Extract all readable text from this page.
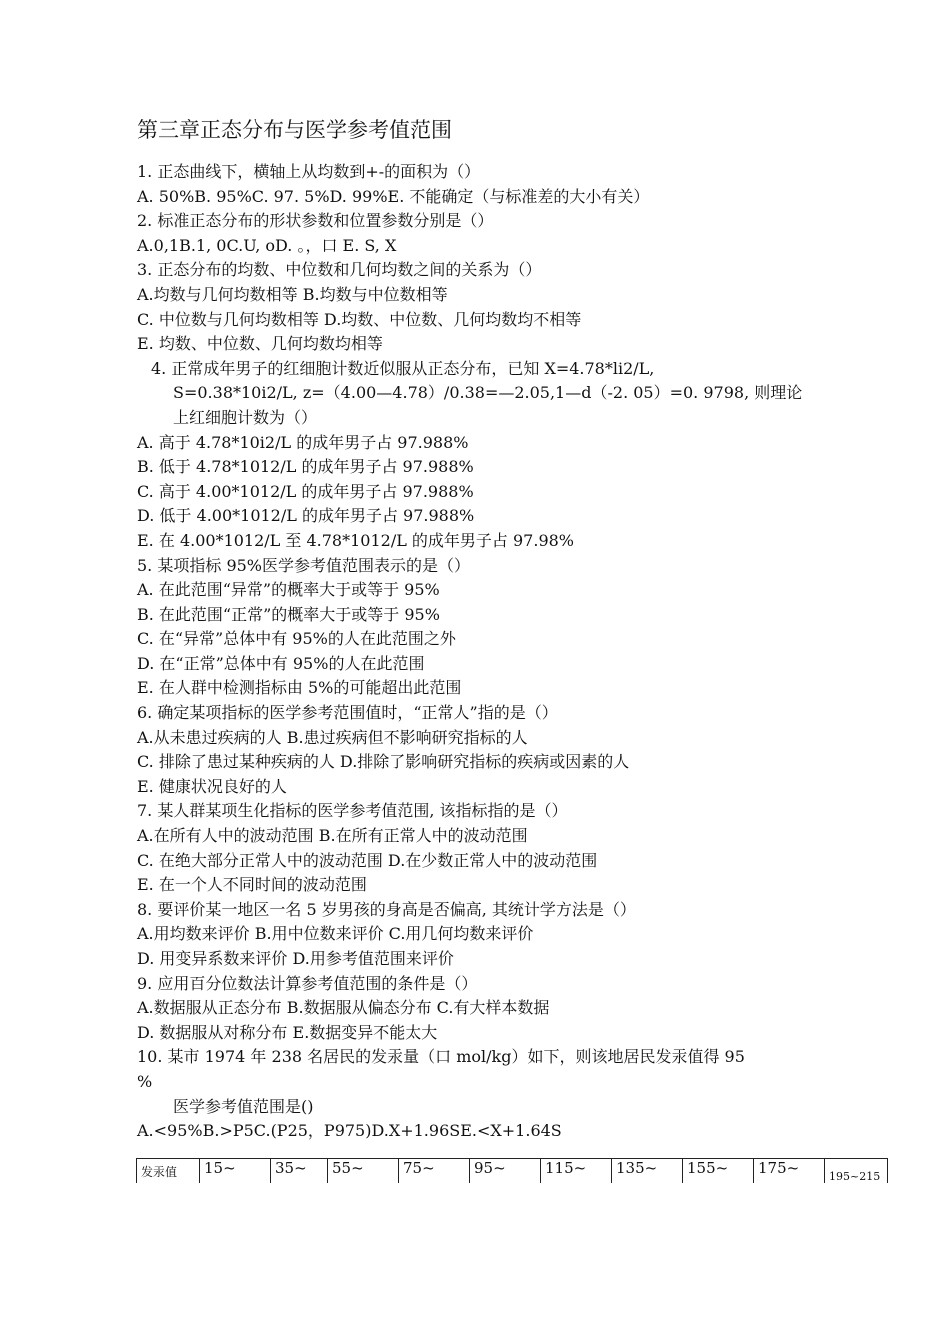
第三章正态分布与医学参考值范围
1. 正态曲线下，横轴上从均数到+-的面积为（）
A. 50%B. 95%C. 97. 5%D. 99%E. 不能确定（与标准差的大小有关）
2. 标准正态分布的形状参数和位置参数分别是（）
A.0,1B.1, 0C.U, oD. 。，口 E. S, X
3. 正态分布的均数、中位数和几何均数之间的关系为（）
A.均数与几何均数相等 B.均数与中位数相等
C. 中位数与几何均数相等 D.均数、中位数、几何均数均不相等
E. 均数、中位数、几何均数均相等
4. 正常成年男子的红细胞计数近似服从正态分布，已知 X=4.78*li2/L,
S=0.38*10i2/L, z=（4.00—4.78）/0.38=—2.05,1—d（-2. 05）=0. 9798, 则理论
上红细胞计数为（）
A. 高于 4.78*10i2/L 的成年男子占 97.988%
B. 低于 4.78*1012/L 的成年男子占 97.988%
C. 高于 4.00*1012/L 的成年男子占 97.988%
D. 低于 4.00*1012/L 的成年男子占 97.988%
E. 在 4.00*1012/L 至 4.78*1012/L 的成年男子占 97.98%
5. 某项指标 95%医学参考值范围表示的是（）
A. 在此范围“异常”的概率大于或等于 95%
B. 在此范围“正常”的概率大于或等于 95%
C. 在“异常”总体中有 95%的人在此范围之外
D. 在“正常”总体中有 95%的人在此范围
E. 在人群中检测指标由 5%的可能超出此范围
6. 确定某项指标的医学参考范围值时，“正常人”指的是（）
A.从未患过疾病的人 B.患过疾病但不影响研究指标的人
C. 排除了患过某种疾病的人 D.排除了影响研究指标的疾病或因素的人
E. 健康状况良好的人
7. 某人群某项生化指标的医学参考值范围, 该指标指的是（）
A.在所有人中的波动范围 B.在所有正常人中的波动范围
C. 在绝大部分正常人中的波动范围 D.在少数正常人中的波动范围
E. 在一个人不同时间的波动范围
8. 要评价某一地区一名 5 岁男孩的身高是否偏高, 其统计学方法是（）
A.用均数来评价 B.用中位数来评价 C.用几何均数来评价
D. 用变异系数来评价 D.用参考值范围来评价
9. 应用百分位数法计算参考值范围的条件是（）
A.数据服从正态分布 B.数据服从偏态分布 C.有大样本数据
D. 数据服从对称分布 E.数据变异不能太大
10. 某市 1974 年 238 名居民的发汞量（口 mol/kg）如下，则该地居民发汞值得 95
%
医学参考值范围是()
A.<95%B.>P5C.(P25，P975)D.X+1.96SE.<X+1.64S
发汞值	15~	35~	55~	75~	95~	115~	135~	155~	175~	195~215
